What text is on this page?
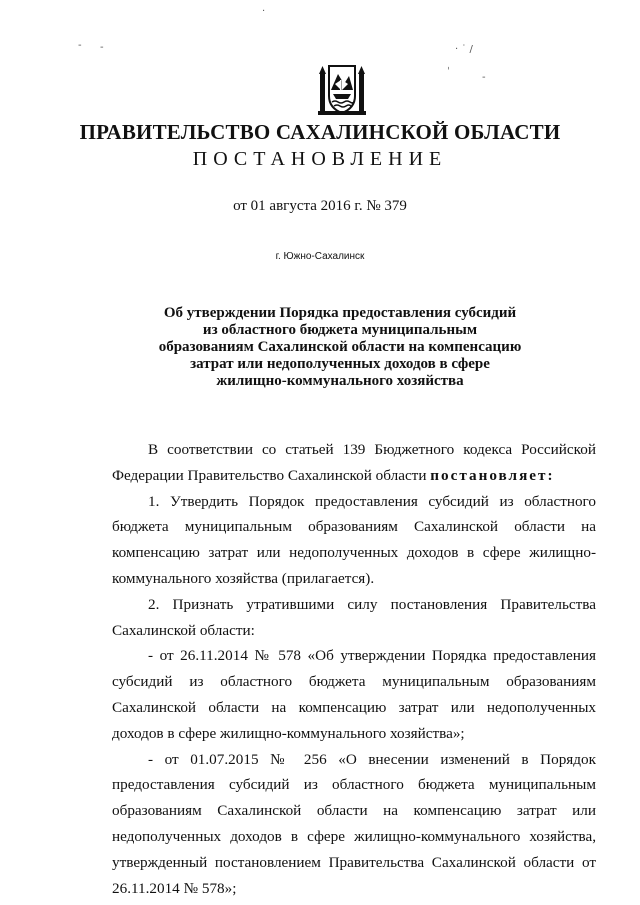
- -
·
· ˙ /
ˌ
-
ПРАВИТЕЛЬСТВО САХАЛИНСКОЙ ОБЛАСТИ
ПОСТАНОВЛЕНИЕ
от 01 августа 2016 г. № 379
г. Южно-Сахалинск
Об утверждении Порядка предоставления субсидий
из областного бюджета муниципальным
образованиям Сахалинской области на компенсацию
затрат или недополученных доходов в сфере
жилищно-коммунального хозяйства

В соответствии со статьей 139 Бюджетного кодекса Российской Федерации Правительство Сахалинской области постановляет:

1. Утвердить Порядок предоставления субсидий из областного бюджета муниципальным образованиям Сахалинской области на компенсацию затрат или недополученных доходов в сфере жилищно-коммунального хозяйства (прилагается).

2. Признать утратившими силу постановления Правительства Сахалинской области:

- от 26.11.2014 № 578 «Об утверждении Порядка предоставления субсидий из областного бюджета муниципальным образованиям Сахалинской области на компенсацию затрат или недополученных доходов в сфере жилищно-коммунального хозяйства»;

- от 01.07.2015 № 256 «О внесении изменений в Порядок предоставления субсидий из областного бюджета муниципальным образованиям Сахалинской области на компенсацию затрат или недополученных доходов в сфере жилищно-коммунального хозяйства, утвержденный постановлением Правительства Сахалинской области от 26.11.2014 № 578»;
